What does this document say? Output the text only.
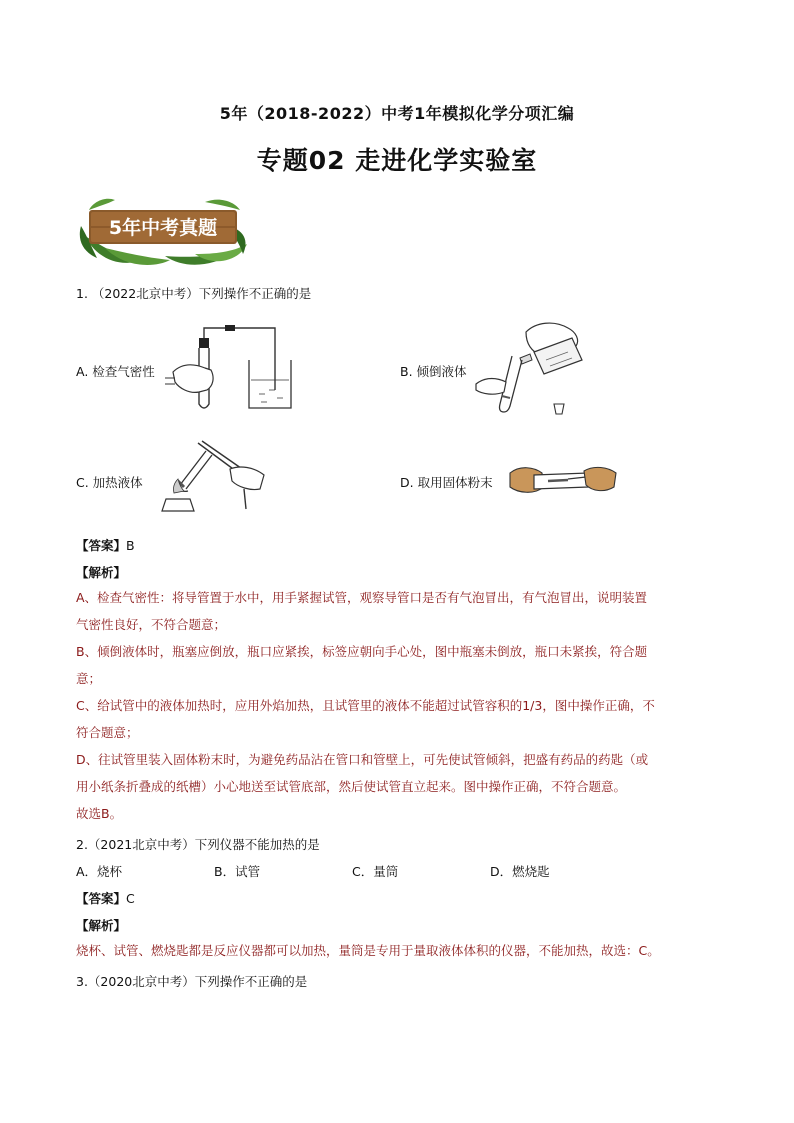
5年（2018-2022）中考1年模拟化学分项汇编
专题02 走进化学实验室
5年中考真题
1. （2022北京中考）下列操作不正确的是
A. 检查气密性	B. 倾倒液体
C. 加热液体	D. 取用固体粉末
【答案】B
【解析】
A、检查气密性：将导管置于水中，用手紧握试管，观察导管口是否有气泡冒出，有气泡冒出，说明装置
气密性良好，不符合题意；
B、倾倒液体时，瓶塞应倒放，瓶口应紧挨，标签应朝向手心处，图中瓶塞未倒放，瓶口未紧挨，符合题
意；
C、给试管中的液体加热时，应用外焰加热，且试管里的液体不能超过试管容积的1/3，图中操作正确，不
符合题意；
D、往试管里装入固体粉末时，为避免药品沾在管口和管壁上，可先使试管倾斜，把盛有药品的药匙（或
用小纸条折叠成的纸槽）小心地送至试管底部，然后使试管直立起来。图中操作正确，不符合题意。
故选B。
2.（2021北京中考）下列仪器不能加热的是
A．烧杯	B．试管	C．量筒	D．燃烧匙
【答案】C
【解析】
烧杯、试管、燃烧匙都是反应仪器都可以加热，量筒是专用于量取液体体积的仪器，不能加热，故选：C。
3.（2020北京中考）下列操作不正确的是
